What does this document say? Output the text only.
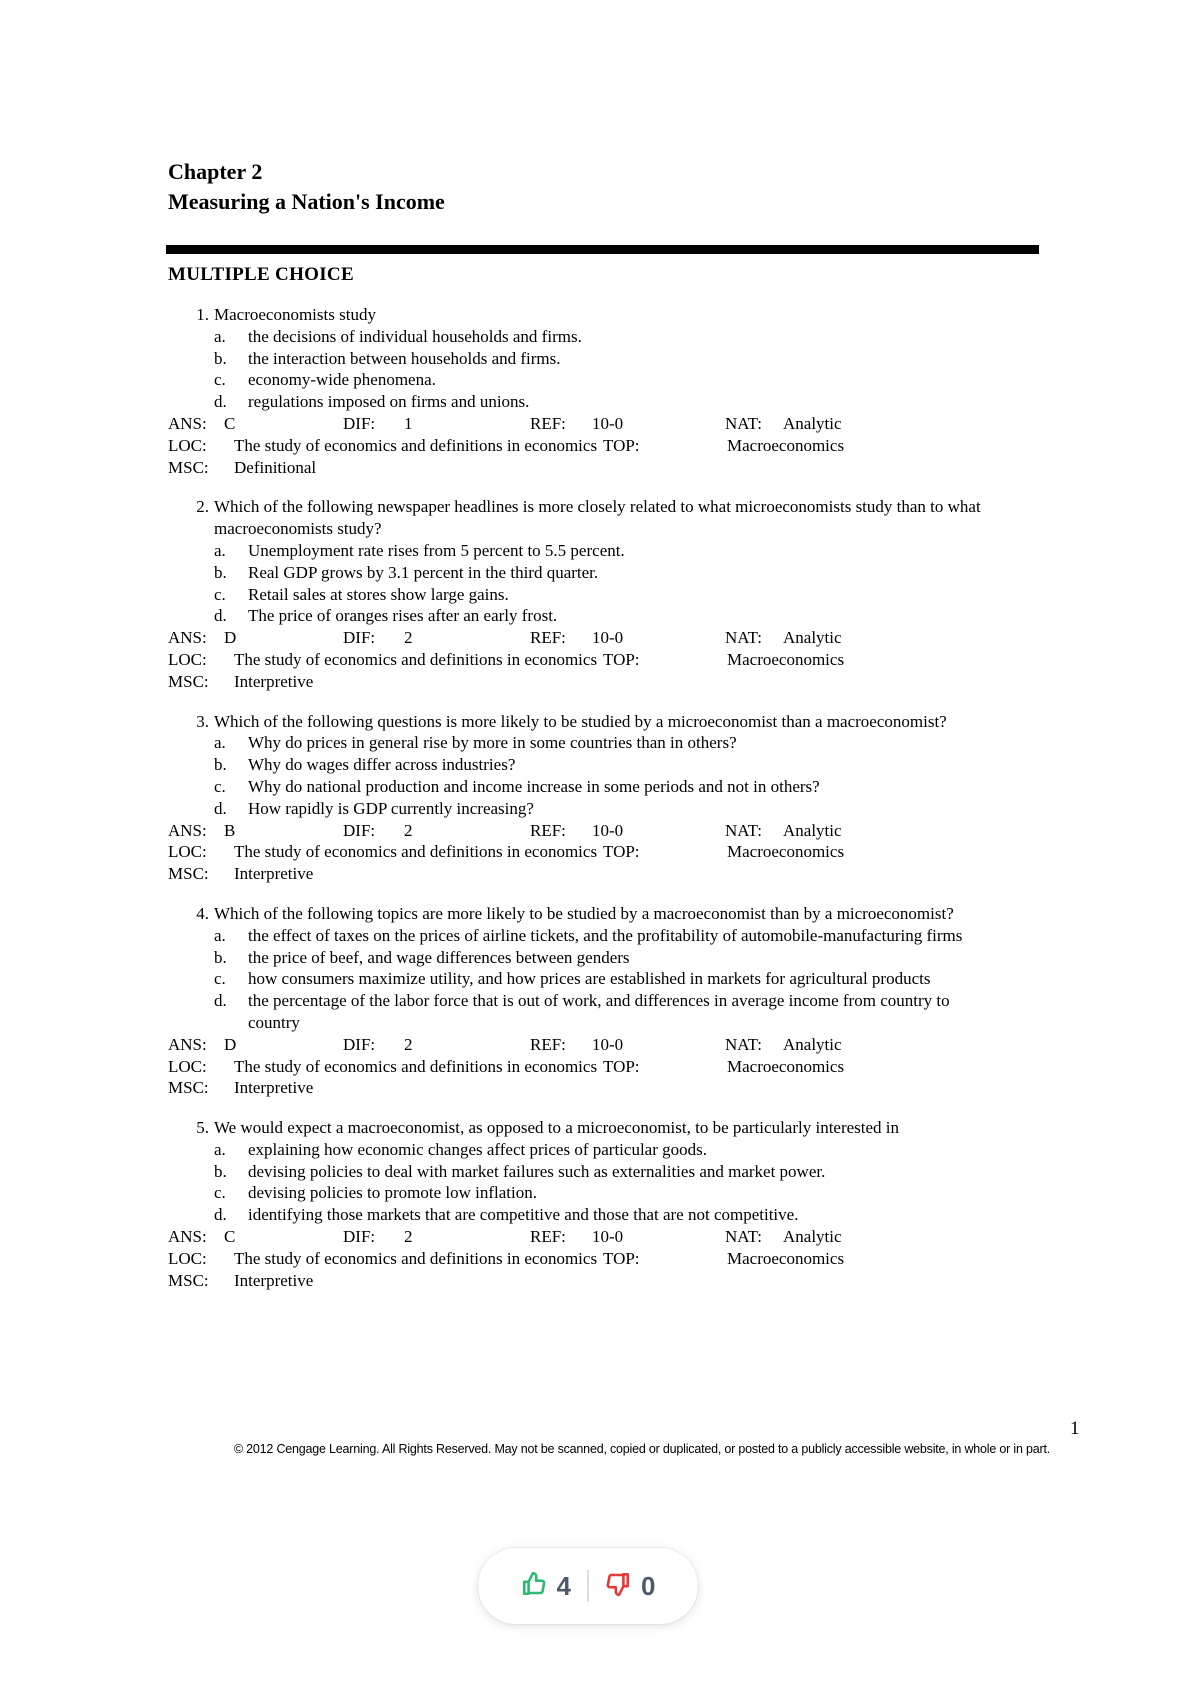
Chapter 2
Measuring a Nation's Income
MULTIPLE CHOICE
1. Macroeconomists study
a.	the decisions of individual households and firms.
b.	the interaction between households and firms.
c.	economy-wide phenomena.
d.	regulations imposed on firms and unions.
ANS: C	DIF: 1	REF: 10-0	NAT: Analytic
LOC: The study of economics and definitions in economics TOP:	Macroeconomics
MSC: Definitional
2. Which of the following newspaper headlines is more closely related to what microeconomists study than to what macroeconomists study?
a.	Unemployment rate rises from 5 percent to 5.5 percent.
b.	Real GDP grows by 3.1 percent in the third quarter.
c.	Retail sales at stores show large gains.
d.	The price of oranges rises after an early frost.
ANS: D	DIF: 2	REF: 10-0	NAT: Analytic
LOC: The study of economics and definitions in economics TOP:	Macroeconomics
MSC: Interpretive
3. Which of the following questions is more likely to be studied by a microeconomist than a macroeconomist?
a.	Why do prices in general rise by more in some countries than in others?
b.	Why do wages differ across industries?
c.	Why do national production and income increase in some periods and not in others?
d.	How rapidly is GDP currently increasing?
ANS: B	DIF: 2	REF: 10-0	NAT: Analytic
LOC: The study of economics and definitions in economics TOP:	Macroeconomics
MSC: Interpretive
4. Which of the following topics are more likely to be studied by a macroeconomist than by a microeconomist?
a.	the effect of taxes on the prices of airline tickets, and the profitability of automobile-manufacturing firms
b.	the price of beef, and wage differences between genders
c.	how consumers maximize utility, and how prices are established in markets for agricultural products
d.	the percentage of the labor force that is out of work, and differences in average income from country to country
ANS: D	DIF: 2	REF: 10-0	NAT: Analytic
LOC: The study of economics and definitions in economics TOP:	Macroeconomics
MSC: Interpretive
5. We would expect a macroeconomist, as opposed to a microeconomist, to be particularly interested in
a.	explaining how economic changes affect prices of particular goods.
b.	devising policies to deal with market failures such as externalities and market power.
c.	devising policies to promote low inflation.
d.	identifying those markets that are competitive and those that are not competitive.
ANS: C	DIF: 2	REF: 10-0	NAT: Analytic
LOC: The study of economics and definitions in economics TOP:	Macroeconomics
MSC: Interpretive
1
© 2012 Cengage Learning. All Rights Reserved. May not be scanned, copied or duplicated, or posted to a publicly accessible website, in whole or in part.
4	0
